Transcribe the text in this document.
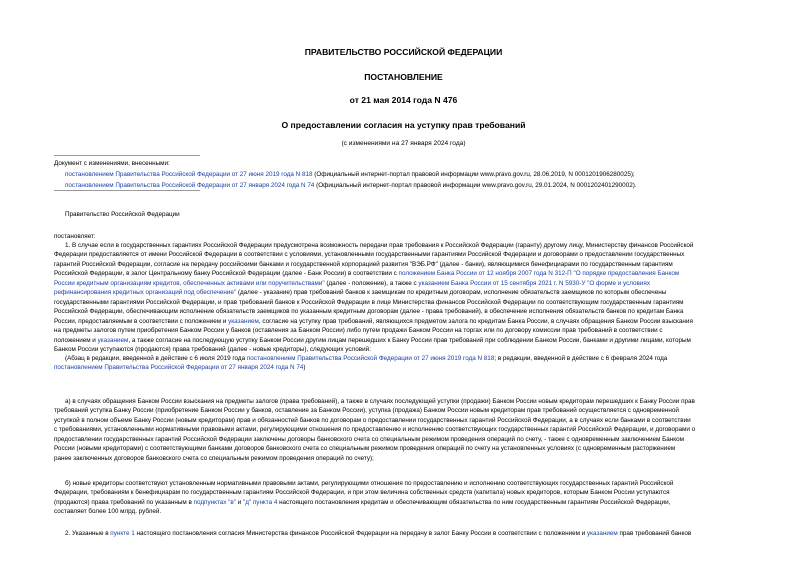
ПРАВИТЕЛЬСТВО РОССИЙСКОЙ ФЕДЕРАЦИИ
ПОСТАНОВЛЕНИЕ
от 21 мая 2014 года N 476
О предоставлении согласия на уступку прав требований
(с изменениями на 27 января 2024 года)
Документ с изменениями, внесенными:
постановлением Правительства Российской Федерации от 27 июня 2019 года N 818 (Официальный интернет-портал правовой информации www.pravo.gov.ru, 28.06.2019, N 0001201906280025);
постановлением Правительства Российской Федерации от 27 января 2024 года N 74 (Официальный интернет-портал правовой информации www.pravo.gov.ru, 29.01.2024, N 0001202401290002).
Правительство Российской Федерации
постановляет:
1. В случае если в государственных гарантиях Российской Федерации предусмотрена возможность передачи прав требования к Российской Федерации (гаранту) другому лицу, Министерству финансов Российской
Федерации предоставляется от имени Российской Федерации в соответствии с условиями, установленными государственными гарантиями Российской Федерации и договорами о предоставлении государственных
гарантий Российской Федерации, согласие на передачу российскими банками и государственной корпорацией развития "ВЭБ.РФ" (далее - банки), являющимися бенефициарами по государственным гарантиям
Российской Федерации, в залог Центральному банку Российской Федерации (далее - Банк России) в соответствии с положением Банка России от 12 ноября 2007 года N 312-П "О порядке предоставления Банком
России кредитным организациям кредитов, обеспеченных активами или поручительствами" (далее - положение), а также с указанием Банка России от 15 сентября 2021 г. N 5930-У "О форме и условиях
рефинансирования кредитных организаций под обеспечение" (далее - указание) прав требований банков к заемщикам по кредитным договорам, исполнение обязательств заемщиков по которым обеспечены
государственными гарантиями Российской Федерации, и прав требований банков к Российской Федерации в лице Министерства финансов Российской Федерации по соответствующим государственным гарантиям
Российской Федерации, обеспечивающим исполнение обязательств заемщиков по указанным кредитным договорам (далее - права требований), в обеспечение исполнения обязательств банков по кредитам Банка
России, предоставляемым в соответствии с положением и указанием, согласие на уступку прав требований, являющихся предметом залога по кредитам Банка России, в случаях обращения Банком России взыскания
на предметы залогов путем приобретения Банком России у банков (оставления за Банком России) либо путем продажи Банком России на торгах или по договору комиссии прав требований в соответствии с
положением и указанием, а также согласие на последующую уступку Банком России другим лицам перешедших к Банку России прав требований при соблюдении Банком России, банками и другими лицами, которым
Банком России уступаются (продаются) права требований (далее - новые кредиторы), следующих условий:
(Абзац в редакции, введенной в действие с 6 июля 2019 года постановлением Правительства Российской Федерации от 27 июня 2019 года N 818; в редакции, введенной в действие с 6 февраля 2024 года
постановлением Правительства Российской Федерации от 27 января 2024 года N 74)
а) в случаях обращения Банком России взыскания на предметы залогов (права требований), а также в случаях последующей уступки (продажи) Банком России новым кредиторам перешедших к Банку России прав
требований уступка Банку России (приобретение Банком России у банков, оставление за Банком России), уступка (продажа) Банком России новым кредиторам прав требований осуществляется с одновременной
уступкой в полном объеме Банку России (новым кредиторам) прав и обязанностей банков по договорам о предоставлении государственных гарантий Российской Федерации, а в случаях если банками в соответствии
с требованиями, установленными нормативными правовыми актами, регулирующими отношения по предоставлению и исполнению соответствующих государственных гарантий Российской Федерации, и договорами о
предоставлении государственных гарантий Российской Федерации заключены договоры банковского счета со специальным режимом проведения операций по счету, - также с одновременным заключением Банком
России (новыми кредиторами) с соответствующими банками договоров банковского счета со специальным режимом проведения операций по счету на установленных условиях (с одновременным расторжением
ранее заключенных договоров банковского счета со специальным режимом проведения операций по счету);
б) новые кредиторы соответствуют установленным нормативными правовыми актами, регулирующими отношения по предоставлению и исполнению соответствующих государственных гарантий Российской
Федерации, требованиям к бенефициарам по государственным гарантиям Российской Федерации, и при этом величина собственных средств (капитала) новых кредиторов, которым Банком России уступаются
(продаются) права требований по указанным в подпунктах "в" и "д" пункта 4 настоящего постановления кредитам и обеспечивающим обязательства по ним государственным гарантиям Российской Федерации,
составляет более 100 млрд. рублей.
2. Указанные в пункте 1 настоящего постановления согласия Министерства финансов Российской Федерации на передачу в залог Банку России в соответствии с положением и указанием прав требований банков
